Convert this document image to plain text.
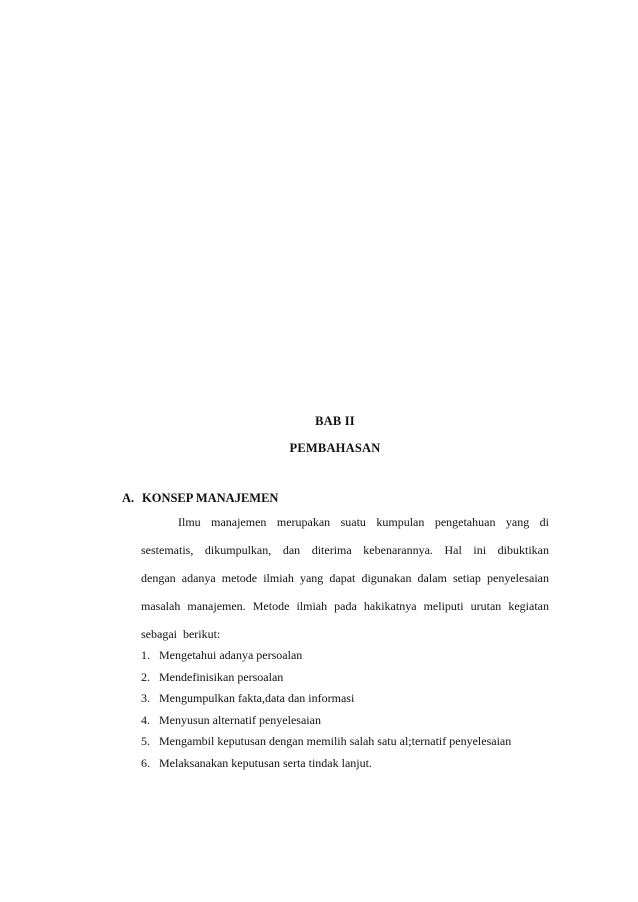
BAB II
PEMBAHASAN
A. KONSEP MANAJEMEN

Ilmu manajemen merupakan suatu kumpulan pengetahuan yang di sestematis, dikumpulkan, dan diterima kebenarannya. Hal ini dibuktikan dengan adanya metode ilmiah yang dapat digunakan dalam setiap penyelesaian masalah manajemen. Metode ilmiah pada hakikatnya meliputi urutan kegiatan sebagai berikut:

1. Mengetahui adanya persoalan
2. Mendefinisikan persoalan
3. Mengumpulkan fakta,data dan informasi
4. Menyusun alternatif penyelesaian
5. Mengambil keputusan dengan memilih salah satu al;ternatif penyelesaian
6. Melaksanakan keputusan serta tindak lanjut.
